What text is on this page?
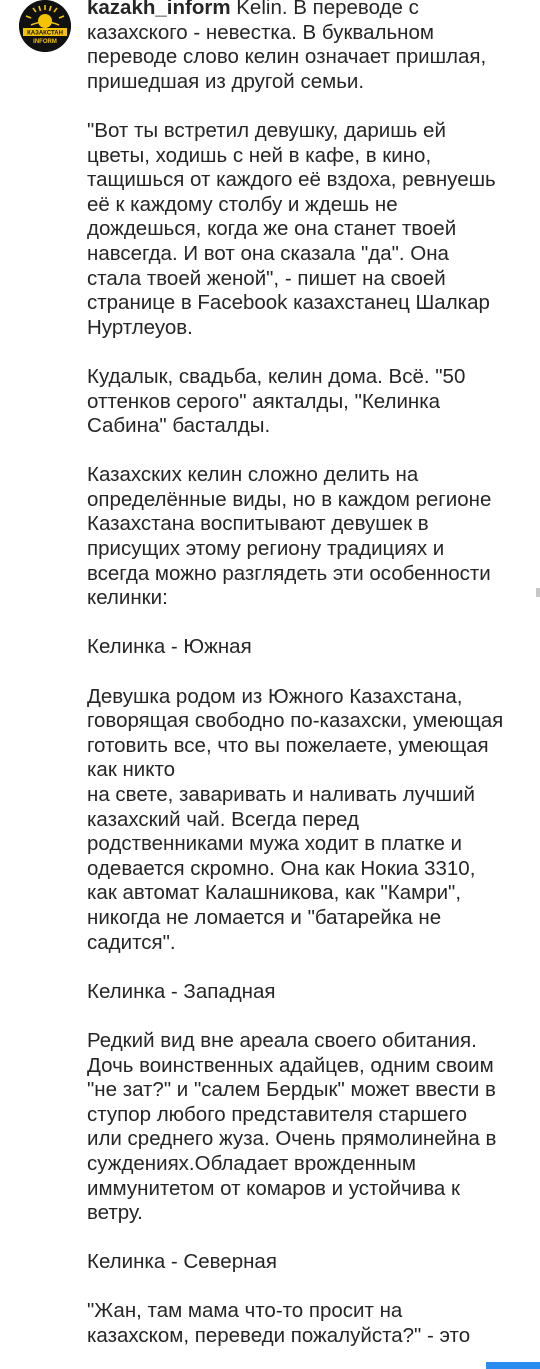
КАЗАКСТАН
INFORM
kazakh_inform Kelin. В переводе с казахского - невестка. В буквальном переводе слово келин означает пришлая, пришедшая из другой семьи.

"Вот ты встретил девушку, даришь ей цветы, ходишь с ней в кафе, в кино, тащишься от каждого её вздоха, ревнуешь её к каждому столбу и ждешь не дождешься, когда же она станет твоей навсегда. И вот она сказала "да". Она стала твоей женой", - пишет на своей странице в Facebook казахстанец Шалкар Нуртлеуов.

Кудалык, свадьба, келин дома. Всё. "50 оттенков серого" аякталды, "Келинка Сабина" басталды.

Казахских келин сложно делить на определённые виды, но в каждом регионе Казахстана воспитывают девушек в присущих этому региону традициях и всегда можно разглядеть эти особенности келинки:

Келинка - Южная

Девушка родом из Южного Казахстана, говорящая свободно по-казахски, умеющая готовить все, что вы пожелаете, умеющая как никто
на свете, заваривать и наливать лучший казахский чай. Всегда перед родственниками мужа ходит в платке и одевается скромно. Она как Нокиа 3310, как автомат Калашникова, как "Камри", никогда не ломается и "батарейка не садится".

Келинка - Западная

Редкий вид вне ареала своего обитания. Дочь воинственных адайцев, одним своим "не зат?" и "салем Бердык" может ввести в ступор любого представителя старшего или среднего жуза. Очень прямолинейна в суждениях.Обладает врожденным иммунитетом от комаров и устойчива к ветру.

Келинка - Северная

"Жан, там мама что-то просит на казахском, переведи пожалуйста?" - это
